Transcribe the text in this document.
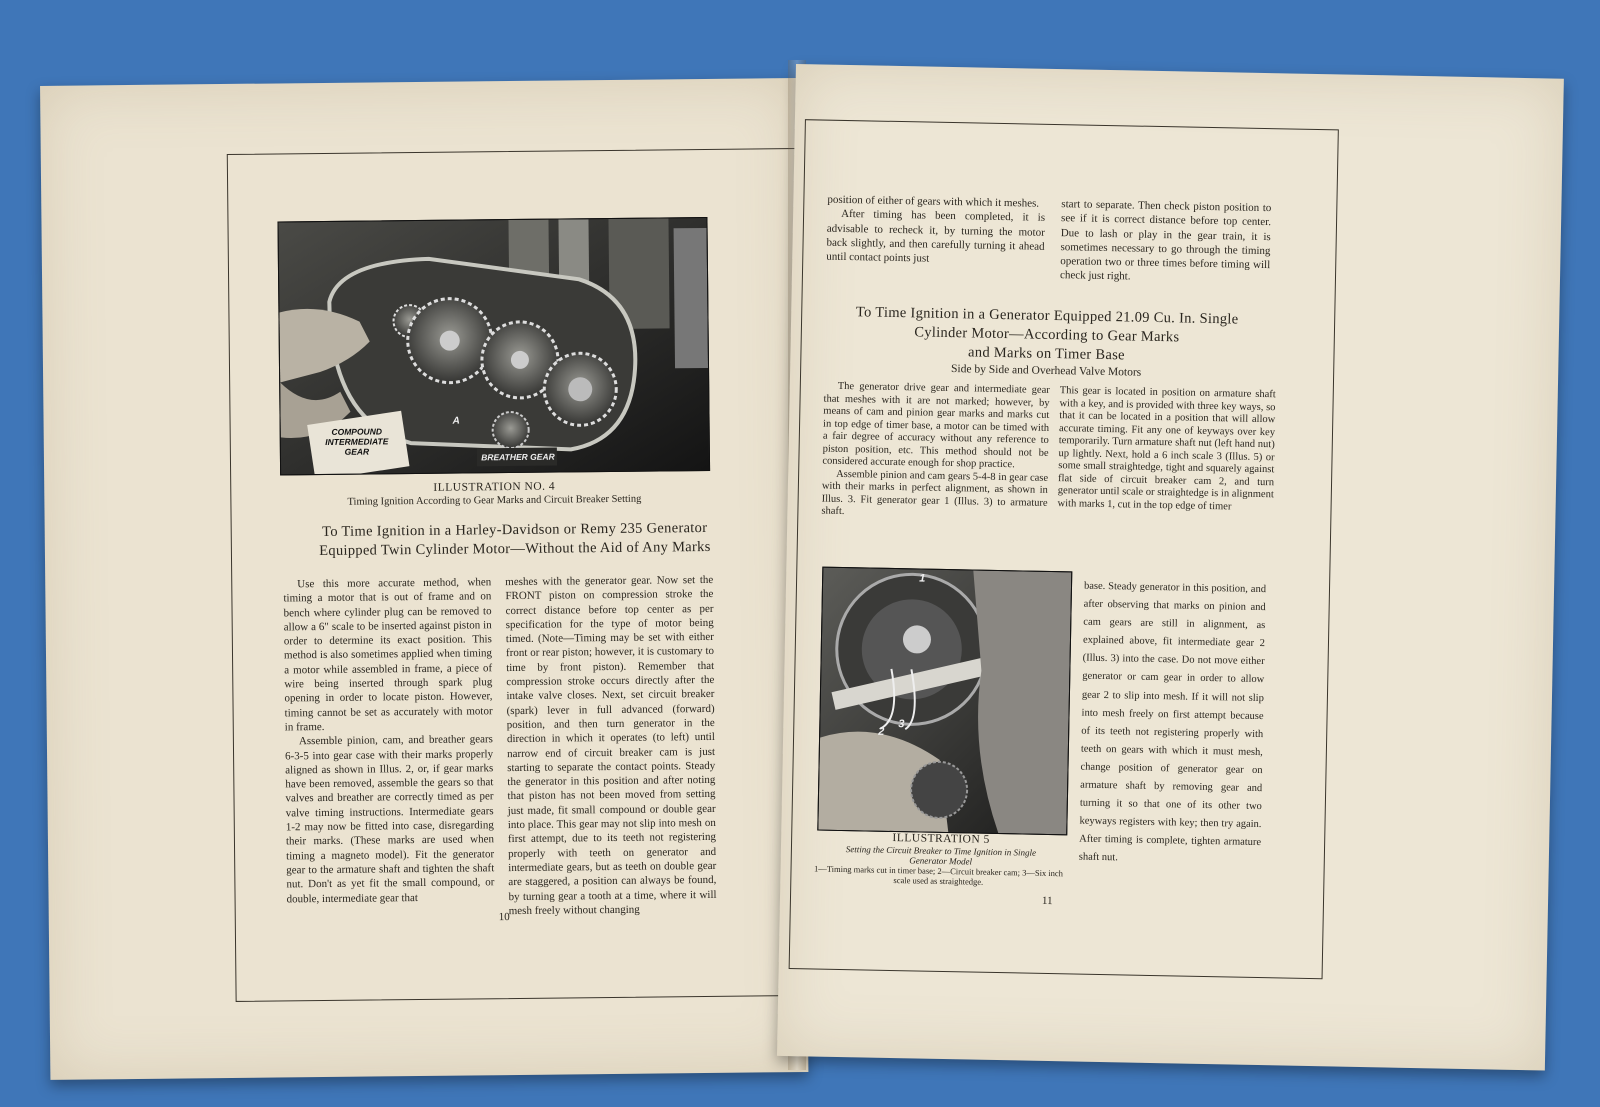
COMPOUND INTERMEDIATE GEAR
A
BREATHER GEAR
ILLUSTRATION NO. 4
Timing Ignition According to Gear Marks and Circuit Breaker Setting
To Time Ignition in a Harley-Davidson or Remy 235 Generator
Equipped Twin Cylinder Motor—Without the Aid of Any Marks

Use this more accurate method, when timing a motor that is out of frame and on bench where cylinder plug can be removed to allow a 6" scale to be inserted against piston in order to determine its exact position. This method is also sometimes applied when timing a motor while assembled in frame, a piece of wire being inserted through spark plug opening in order to locate piston. However, timing cannot be set as accurately with motor in frame.

Assemble pinion, cam, and breather gears 6-3-5 into gear case with their marks properly aligned as shown in Illus. 2, or, if gear marks have been removed, assemble the gears so that valves and breather are correctly timed as per valve timing instructions. Intermediate gears 1-2 may now be fitted into case, disregarding their marks. (These marks are used when timing a magneto model). Fit the generator gear to the armature shaft and tighten the shaft nut. Don't as yet fit the small compound, or double, intermediate gear that

meshes with the generator gear. Now set the FRONT piston on compression stroke the correct distance before top center as per specification for the type of motor being timed. (Note—Timing may be set with either front or rear piston; however, it is customary to time by front piston). Remember that compression stroke occurs directly after the intake valve closes. Next, set circuit breaker (spark) lever in full advanced (forward) position, and then turn generator in the direction in which it operates (to left) until narrow end of circuit breaker cam is just starting to separate the contact points. Steady the generator in this position and after noting that piston has not been moved from setting just made, fit small compound or double gear into place. This gear may not slip into mesh on first attempt, due to its teeth not registering properly with teeth on generator and intermediate gears, but as teeth on double gear are staggered, a position can always be found, by turning gear a tooth at a time, where it will mesh freely without changing

10

position of either of gears with which it meshes.

After timing has been completed, it is advisable to recheck it, by turning the motor back slightly, and then carefully turning it ahead until contact points just

start to separate. Then check piston position to see if it is correct distance before top center. Due to lash or play in the gear train, it is sometimes necessary to go through the timing operation two or three times before timing will check just right.

To Time Ignition in a Generator Equipped 21.09 Cu. In. Single
Cylinder Motor—According to Gear Marks
and Marks on Timer Base
Side by Side and Overhead Valve Motors

The generator drive gear and intermediate gear that meshes with it are not marked; however, by means of cam and pinion gear marks and marks cut in top edge of timer base, a motor can be timed with a fair degree of accuracy without any reference to piston position, etc. This method should not be considered accurate enough for shop practice.

Assemble pinion and cam gears 5-4-8 in gear case with their marks in perfect alignment, as shown in Illus. 3. Fit generator gear 1 (Illus. 3) to armature shaft.

This gear is located in position on armature shaft with a key, and is provided with three key ways, so that it can be located in a position that will allow accurate timing. Fit any one of keyways over key temporarily. Turn armature shaft nut (left hand nut) up lightly. Next, hold a 6 inch scale 3 (Illus. 5) or some small straightedge, tight and squarely against flat side of circuit breaker cam 2, and turn generator until scale or straightedge is in alignment with marks 1, cut in the top edge of timer

1
2
3

base. Steady generator in this position, and after observing that marks on pinion and cam gears are still in alignment, as explained above, fit intermediate gear 2 (Illus. 3) into the case. Do not move either generator or cam gear in order to allow gear 2 to slip into mesh. If it will not slip into mesh freely on first attempt because of its teeth not registering properly with teeth on gears with which it must mesh, change position of generator gear on armature shaft by removing gear and turning it so that one of its other two keyways registers with key; then try again. After timing is complete, tighten armature shaft nut.

ILLUSTRATION 5
Setting the Circuit Breaker to Time Ignition in Single
Generator Model
1—Timing marks cut in timer base; 2—Circuit breaker cam; 3—Six inch scale used as straightedge.
11
